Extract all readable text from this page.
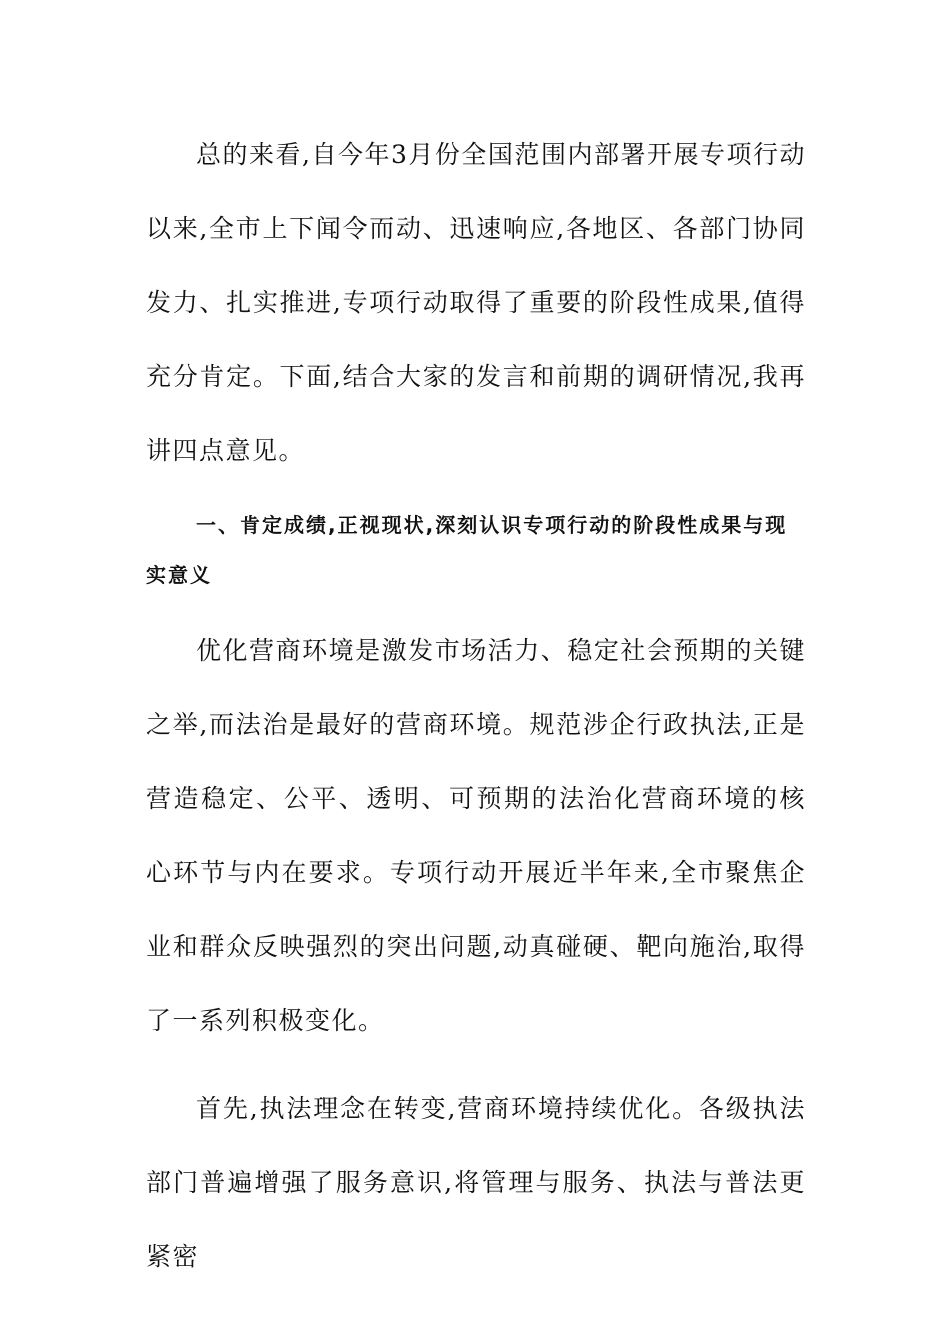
总的来看,自今年3月份全国范围内部署开展专项行动以来,全市上下闻令而动、迅速响应,各地区、各部门协同发力、扎实推进,专项行动取得了重要的阶段性成果,值得充分肯定。下面,结合大家的发言和前期的调研情况,我再讲四点意见。

一、肯定成绩,正视现状,深刻认识专项行动的阶段性成果与现实意义

优化营商环境是激发市场活力、稳定社会预期的关键之举,而法治是最好的营商环境。规范涉企行政执法,正是营造稳定、公平、透明、可预期的法治化营商环境的核心环节与内在要求。专项行动开展近半年来,全市聚焦企业和群众反映强烈的突出问题,动真碰硬、靶向施治,取得了一系列积极变化。

首先,执法理念在转变,营商环境持续优化。各级执法部门普遍增强了服务意识,将管理与服务、执法与普法更紧密
